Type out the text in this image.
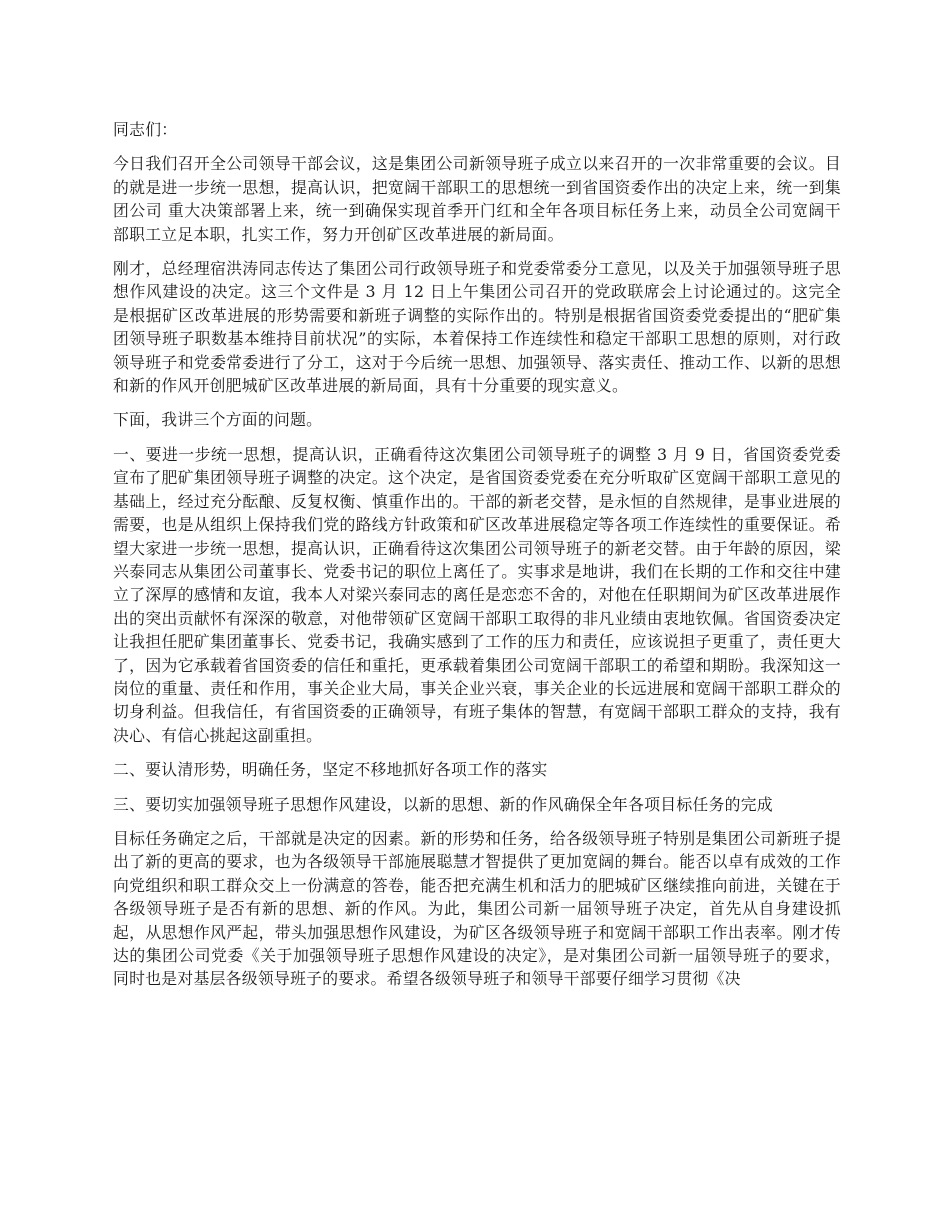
同志们：

今日我们召开全公司领导干部会议，这是集团公司新领导班子成立以来召开的一次非常重要的会议。目的就是进一步统一思想，提高认识，把宽阔干部职工的思想统一到省国资委作出的决定上来，统一到集团公司 重大决策部署上来，统一到确保实现首季开门红和全年各项目标任务上来，动员全公司宽阔干部职工立足本职，扎实工作，努力开创矿区改革进展的新局面。

刚才，总经理宿洪涛同志传达了集团公司行政领导班子和党委常委分工意见，以及关于加强领导班子思想作风建设的决定。这三个文件是 3 月 12 日上午集团公司召开的党政联席会上讨论通过的。这完全是根据矿区改革进展的形势需要和新班子调整的实际作出的。特别是根据省国资委党委提出的“肥矿集团领导班子职数基本维持目前状况”的实际，本着保持工作连续性和稳定干部职工思想的原则，对行政领导班子和党委常委进行了分工，这对于今后统一思想、加强领导、落实责任、推动工作、以新的思想和新的作风开创肥城矿区改革进展的新局面，具有十分重要的现实意义。

下面，我讲三个方面的问题。

一、要进一步统一思想，提高认识，正确看待这次集团公司领导班子的调整 3 月 9 日，省国资委党委宣布了肥矿集团领导班子调整的决定。这个决定，是省国资委党委在充分听取矿区宽阔干部职工意见的基础上，经过充分酝酿、反复权衡、慎重作出的。干部的新老交替，是永恒的自然规律，是事业进展的需要，也是从组织上保持我们党的路线方针政策和矿区改革进展稳定等各项工作连续性的重要保证。希望大家进一步统一思想，提高认识，正确看待这次集团公司领导班子的新老交替。由于年龄的原因，梁兴泰同志从集团公司董事长、党委书记的职位上离任了。实事求是地讲，我们在长期的工作和交往中建立了深厚的感情和友谊，我本人对梁兴泰同志的离任是恋恋不舍的，对他在任职期间为矿区改革进展作出的突出贡献怀有深深的敬意，对他带领矿区宽阔干部职工取得的非凡业绩由衷地钦佩。省国资委决定让我担任肥矿集团董事长、党委书记，我确实感到了工作的压力和责任，应该说担子更重了，责任更大了，因为它承载着省国资委的信任和重托，更承载着集团公司宽阔干部职工的希望和期盼。我深知这一岗位的重量、责任和作用，事关企业大局，事关企业兴衰，事关企业的长远进展和宽阔干部职工群众的切身利益。但我信任，有省国资委的正确领导，有班子集体的智慧，有宽阔干部职工群众的支持，我有决心、有信心挑起这副重担。

二、要认清形势，明确任务，坚定不移地抓好各项工作的落实

三、要切实加强领导班子思想作风建设，以新的思想、新的作风确保全年各项目标任务的完成

目标任务确定之后，干部就是决定的因素。新的形势和任务，给各级领导班子特别是集团公司新班子提出了新的更高的要求，也为各级领导干部施展聪慧才智提供了更加宽阔的舞台。能否以卓有成效的工作向党组织和职工群众交上一份满意的答卷，能否把充满生机和活力的肥城矿区继续推向前进，关键在于各级领导班子是否有新的思想、新的作风。为此，集团公司新一届领导班子决定，首先从自身建设抓起，从思想作风严起，带头加强思想作风建设，为矿区各级领导班子和宽阔干部职工作出表率。刚才传达的集团公司党委《关于加强领导班子思想作风建设的决定》，是对集团公司新一届领导班子的要求，同时也是对基层各级领导班子的要求。希望各级领导班子和领导干部要仔细学习贯彻《决
